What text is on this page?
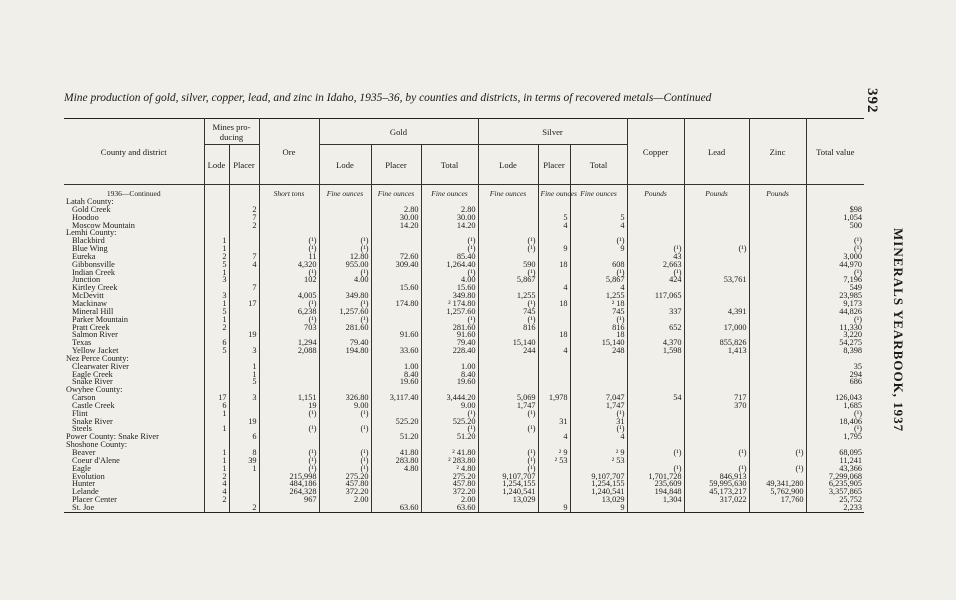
392
MINERALS YEARBOOK, 1937
Mine production of gold, silver, copper, lead, and zinc in Idaho, 1935–36, by counties and districts, in terms of recovered metals—Continued
County and district	Mines pro-ducing		Ore	Gold			Silver			Copper	Lead	Zinc	Total value
	Lode	Placer		Lode	Placer	Total	Lode	Placer	Total				
1936—Continued			Short tons	Fine ounces	Fine ounces	Fine ounces	Fine ounces	Fine ounces	Fine ounces	Pounds	Pounds	Pounds	
Latah County:													
Gold Creek		2			2.80	2.80							$98
Hoodoo		7			30.00	30.00		5	5				1,054
Moscow Mountain		2			14.20	14.20		4	4				500
Lemhi County:													
Blackbird	1		(¹)	(¹)		(¹)	(¹)		(¹)				(¹)
Blue Wing	1		(¹)	(¹)		(¹)	(¹)	9	9	(¹)	(¹)		(¹)
Eureka	2	7	11	12.80	72.60	85.40				43			3,000
Gibbonsville	5	4	4,320	955.00	309.40	1,264.40	590	18	608	2,663			44,970
Indian Creek	1		(¹)	(¹)		(¹)	(¹)		(¹)	(¹)			(¹)
Junction	3		102	4.00		4.00	5,867		5,867	424	53,761		7,196
Kirtley Creek		7			15.60	15.60		4	4				549
McDevitt	3		4,005	349.80		349.80	1,255		1,255	117,065			23,985
Mackinaw	1	17	(¹)	(¹)	174.80	² 174.80	(¹)	18	² 18				9,173
Mineral Hill	5		6,238	1,257.60		1,257.60	745		745	337	4,391		44,826
Parker Mountain	1		(¹)	(¹)		(¹)	(¹)		(¹)				(¹)
Pratt Creek	2		703	281.60		281.60	816		816	652	17,000		11,330
Salmon River		19			91.60	91.60		18	18				3,220
Texas	6		1,294	79.40		79.40	15,140		15,140	4,370	855,826		54,275
Yellow Jacket	5	3	2,088	194.80	33.60	228.40	244	4	248	1,598	1,413		8,398
Nez Perce County:													
Clearwater River		1			1.00	1.00							35
Eagle Creek		1			8.40	8.40							294
Snake River		5			19.60	19.60							686
Owyhee County:													
Carson	17	3	1,151	326.80	3,117.40	3,444.20	5,069	1,978	7,047	54	717		126,043
Castle Creek	6		19	9.00		9.00	1,747		1,747		370		1,685
Flint	1		(¹)	(¹)		(¹)	(¹)		(¹)				(¹)
Snake River		19			525.20	525.20		31	31				18,406
Steels	1		(¹)	(¹)		(¹)	(¹)		(¹)				(¹)
Power County: Snake River		6			51.20	51.20		4	4				1,795
Shoshone County:													
Beaver	1	8	(¹)	(¹)	41.80	² 41.80	(¹)	² 9	² 9	(¹)	(¹)	(¹)	68,095
Coeur d'Alene	1	39	(¹)	(¹)	283.80	² 283.80	(¹)	² 53	² 53				11,241
Eagle	1	1	(¹)	(¹)	4.80	² 4.80	(¹)			(¹)	(¹)	(¹)	43,366
Evolution	2		215,998	275.20		275.20	9,107,707		9,107,707	1,701,728	846,913		7,299,068
Hunter	4		484,186	457.80		457.80	1,254,155		1,254,155	235,609	59,995,630	49,341,280	6,235,905
Lelande	4		264,328	372.20		372.20	1,240,541		1,240,541	194,848	45,173,217	5,762,900	3,357,865
Placer Center	2		967	2.00		2.00	13,029		13,029	1,304	317,022	17,760	25,752
St. Joe		2			63.60	63.60		9	9				2,233
